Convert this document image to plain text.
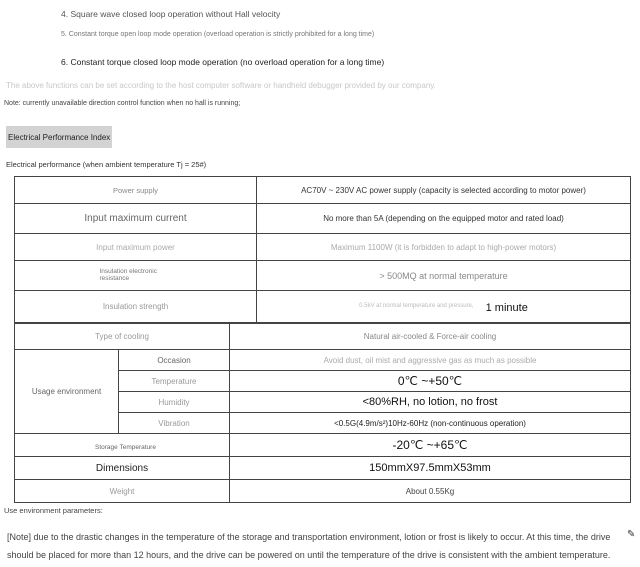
4. Square wave closed loop operation without Hall velocity
5. Constant torque open loop mode operation (overload operation is strictly prohibited for a long time)
6. Constant torque closed loop mode operation (no overload operation for a long time)
The above functions can be set according to the host computer software or handheld debugger provided by our company.
Note: currently unavailable direction control function when no hall is running;
Electrical Performance Index
Electrical performance (when ambient temperature Tj = 25#)
Power supply	AC70V ~ 230V AC power supply (capacity is selected according to motor power)
Input maximum current	No more than 5A (depending on the equipped motor and rated load)
Input maximum power	Maximum 1100W (it is forbidden to adapt to high-power motors)
Insulation electronic resistance	> 500MQ at normal temperature
Insulation strength	0.5kV at normal temperature and pressure, 1 minute
Type of cooling		Natural air-cooled & Force-air cooling
Usage environment	Occasion	Avoid dust, oil mist and aggressive gas as much as possible
	Temperature	0℃ ~+50℃
	Humidity	<80%RH, no lotion, no frost
	Vibration	<0.5G(4.9m/s²)10Hz-60Hz (non-continuous operation)
Storage Temperature		-20℃ ~+65℃
Dimensions		150mmX97.5mmX53mm
Weight		About 0.55Kg
Use environment parameters:
[Note] due to the drastic changes in the temperature of the storage and transportation environment, lotion or frost is likely to occur. At this time, the drive should be placed for more than 12 hours, and the drive can be powered on until the temperature of the drive is consistent with the ambient temperature.
✎
